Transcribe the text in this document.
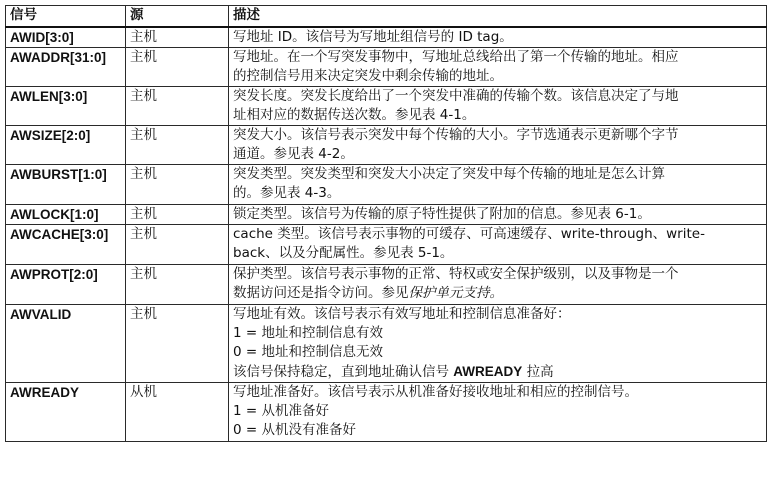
信号	源	描述
AWID[3:0]	主机	写地址 ID。该信号为写地址组信号的 ID tag。

AWADDR[31:0]	主机	写地址。在一个写突发事物中，写地址总线给出了第一个传输的地址。相应
的控制信号用来决定突发中剩余传输的地址。

AWLEN[3:0]	主机	突发长度。突发长度给出了一个突发中准确的传输个数。该信息决定了与地
址相对应的数据传送次数。参见表 4-1。

AWSIZE[2:0]	主机	突发大小。该信号表示突发中每个传输的大小。字节选通表示更新哪个字节
通道。参见表 4-2。

AWBURST[1:0]	主机	突发类型。突发类型和突发大小决定了突发中每个传输的地址是怎么计算
的。参见表 4-3。

AWLOCK[1:0]	主机	锁定类型。该信号为传输的原子特性提供了附加的信息。参见表 6-1。

AWCACHE[3:0]	主机	cache 类型。该信号表示事物的可缓存、可高速缓存、write-through、write-
back、以及分配属性。参见表 5-1。

AWPROT[2:0]	主机	保护类型。该信号表示事物的正常、特权或安全保护级别，以及事物是一个
数据访问还是指令访问。参见保护单元支持。

AWVALID	主机	写地址有效。该信号表示有效写地址和控制信息准备好：
1 = 地址和控制信息有效
0 = 地址和控制信息无效
该信号保持稳定，直到地址确认信号 AWREADY 拉高

AWREADY	从机	写地址准备好。该信号表示从机准备好接收地址和相应的控制信号。
1 = 从机准备好
0 = 从机没有准备好
